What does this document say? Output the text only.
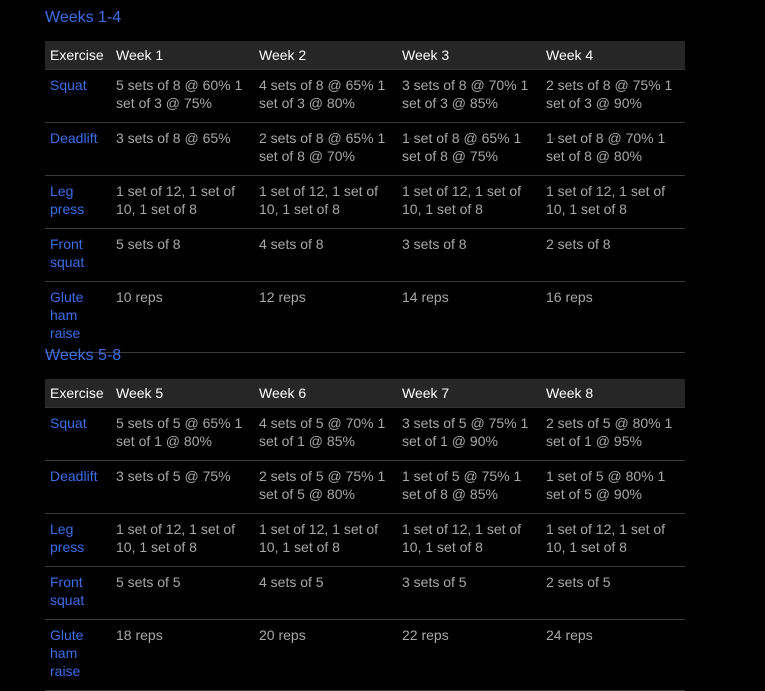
Weeks 1-4
Exercise	Week 1	Week 2	Week 3	Week 4
Squat	5 sets of 8 @ 60% 1 set of 3 @ 75%	4 sets of 8 @ 65% 1 set of 3 @ 80%	3 sets of 8 @ 70% 1 set of 3 @ 85%	2 sets of 8 @ 75% 1 set of 3 @ 90%
Deadlift	3 sets of 8 @ 65%	2 sets of 8 @ 65% 1 set of 8 @ 70%	1 set of 8 @ 65% 1 set of 8 @ 75%	1 set of 8 @ 70% 1 set of 8 @ 80%
Leg press	1 set of 12, 1 set of 10, 1 set of 8	1 set of 12, 1 set of 10, 1 set of 8	1 set of 12, 1 set of 10, 1 set of 8	1 set of 12, 1 set of 10, 1 set of 8
Front squat	5 sets of 8	4 sets of 8	3 sets of 8	2 sets of 8
Glute ham raise	10 reps	12 reps	14 reps	16 reps
Weeks 5-8
Exercise	Week 5	Week 6	Week 7	Week 8
Squat	5 sets of 5 @ 65% 1 set of 1 @ 80%	4 sets of 5 @ 70% 1 set of 1 @ 85%	3 sets of 5 @ 75% 1 set of 1 @ 90%	2 sets of 5 @ 80% 1 set of 1 @ 95%
Deadlift	3 sets of 5 @ 75%	2 sets of 5 @ 75% 1 set of 5 @ 80%	1 set of 5 @ 75% 1 set of 8 @ 85%	1 set of 5 @ 80% 1 set of 5 @ 90%
Leg press	1 set of 12, 1 set of 10, 1 set of 8	1 set of 12, 1 set of 10, 1 set of 8	1 set of 12, 1 set of 10, 1 set of 8	1 set of 12, 1 set of 10, 1 set of 8
Front squat	5 sets of 5	4 sets of 5	3 sets of 5	2 sets of 5
Glute ham raise	18 reps	20 reps	22 reps	24 reps
